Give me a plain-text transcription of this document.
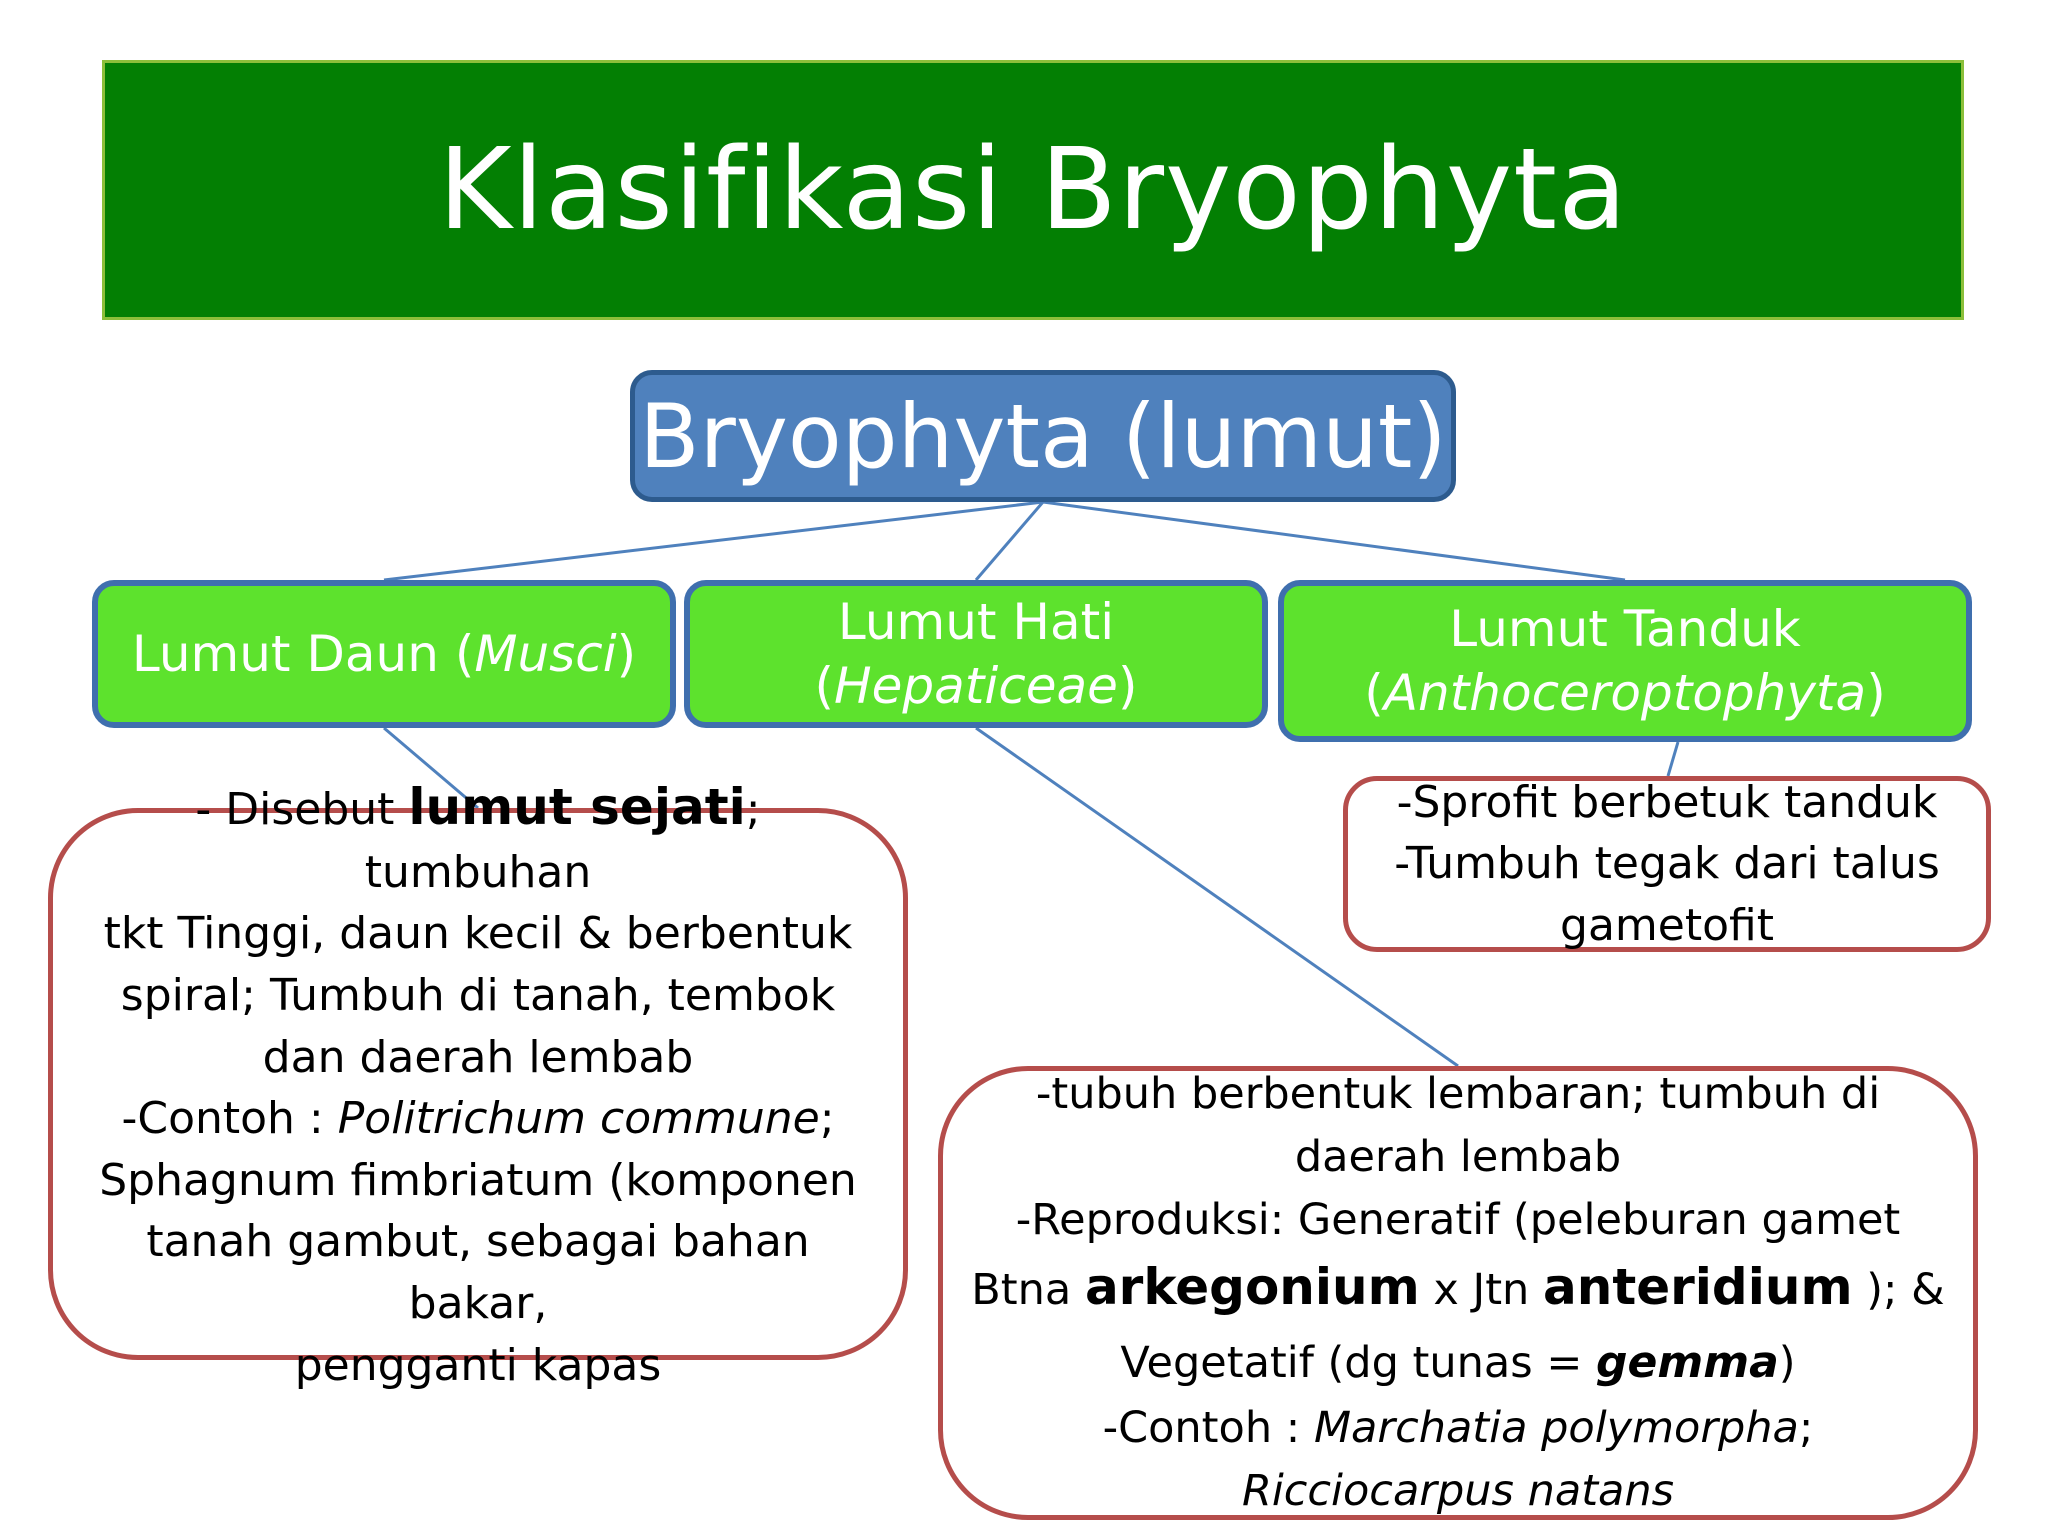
Klasifikasi Bryophyta
Bryophyta (lumut)
Lumut Daun (Musci)
Lumut Hati
(Hepaticeae)
Lumut Tanduk
(Anthoceroptophyta)
- Disebut lumut sejati; tumbuhan
tkt Tinggi, daun kecil & berbentuk
spiral; Tumbuh di tanah, tembok
dan daerah lembab
-Contoh : Politrichum commune;
Sphagnum fimbriatum (komponen
tanah gambut, sebagai bahan bakar,
pengganti kapas
-tubuh berbentuk lembaran; tumbuh di
daerah lembab
-Reproduksi: Generatif (peleburan gamet
Btna arkegonium x Jtn anteridium ); &
Vegetatif (dg tunas = gemma)
-Contoh : Marchatia polymorpha;
Ricciocarpus natans
-Sprofit berbetuk tanduk
-Tumbuh tegak dari talus
gametofit
